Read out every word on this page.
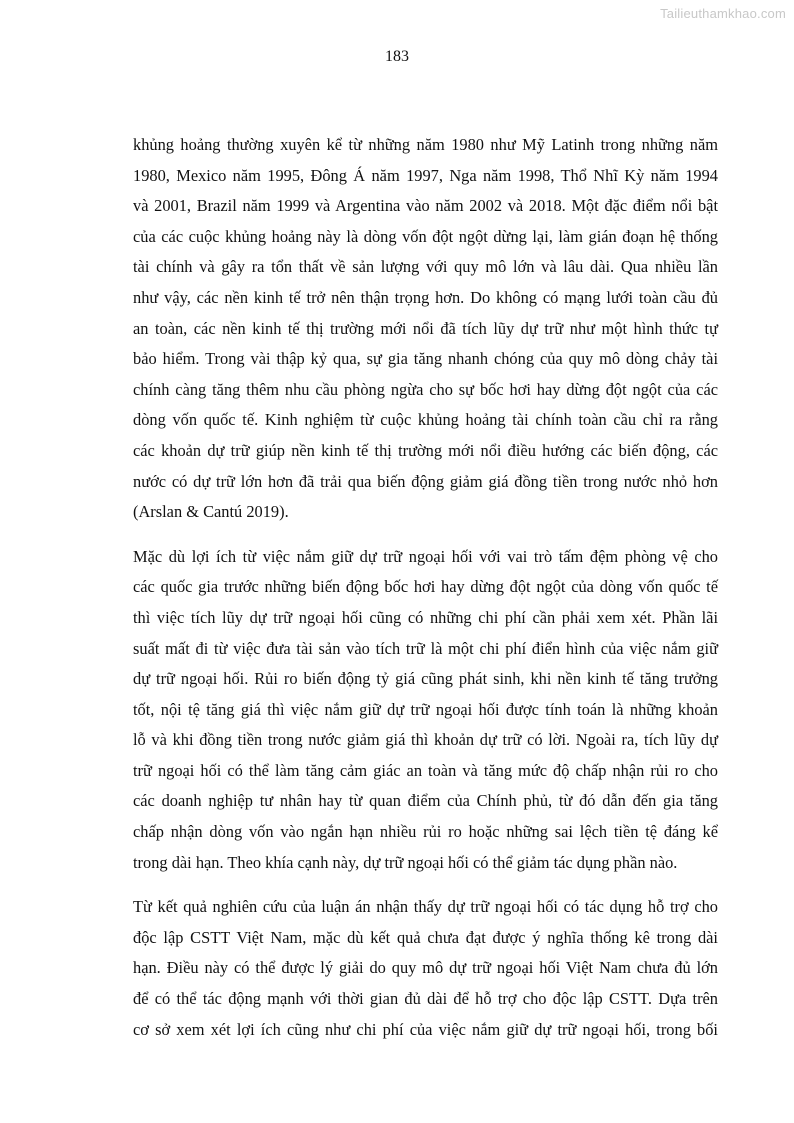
Tailieuthamkhao.com
183

khủng hoảng thường xuyên kể từ những năm 1980 như Mỹ Latinh trong những năm
1980, Mexico năm 1995, Đông Á năm 1997, Nga năm 1998, Thổ Nhĩ Kỳ năm 1994
và 2001, Brazil năm 1999 và Argentina vào năm 2002 và 2018. Một đặc điểm nổi bật
của các cuộc khủng hoảng này là dòng vốn đột ngột dừng lại, làm gián đoạn hệ thống
tài chính và gây ra tổn thất về sản lượng với quy mô lớn và lâu dài. Qua nhiều lần
như vậy, các nền kinh tế trở nên thận trọng hơn. Do không có mạng lưới toàn cầu đủ
an toàn, các nền kinh tế thị trường mới nổi đã tích lũy dự trữ như một hình thức tự
bảo hiểm. Trong vài thập kỷ qua, sự gia tăng nhanh chóng của quy mô dòng chảy tài
chính càng tăng thêm nhu cầu phòng ngừa cho sự bốc hơi hay dừng đột ngột của các
dòng vốn quốc tế. Kinh nghiệm từ cuộc khủng hoảng tài chính toàn cầu chỉ ra rằng
các khoản dự trữ giúp nền kinh tế thị trường mới nổi điều hướng các biến động, các
nước có dự trữ lớn hơn đã trải qua biến động giảm giá đồng tiền trong nước nhỏ hơn
(Arslan & Cantú 2019).

Mặc dù lợi ích từ việc nắm giữ dự trữ ngoại hối với vai trò tấm đệm phòng vệ cho
các quốc gia trước những biến động bốc hơi hay dừng đột ngột của dòng vốn quốc tế
thì việc tích lũy dự trữ ngoại hối cũng có những chi phí cần phải xem xét. Phần lãi
suất mất đi từ việc đưa tài sản vào tích trữ là một chi phí điển hình của việc nắm giữ
dự trữ ngoại hối. Rủi ro biến động tỷ giá cũng phát sinh, khi nền kinh tế tăng trưởng
tốt, nội tệ tăng giá thì việc nắm giữ dự trữ ngoại hối được tính toán là những khoản
lỗ và khi đồng tiền trong nước giảm giá thì khoản dự trữ có lời. Ngoài ra, tích lũy dự
trữ ngoại hối có thể làm tăng cảm giác an toàn và tăng mức độ chấp nhận rủi ro cho
các doanh nghiệp tư nhân hay từ quan điểm của Chính phủ, từ đó dẫn đến gia tăng
chấp nhận dòng vốn vào ngắn hạn nhiều rủi ro hoặc những sai lệch tiền tệ đáng kể
trong dài hạn. Theo khía cạnh này, dự trữ ngoại hối có thể giảm tác dụng phần nào.

Từ kết quả nghiên cứu của luận án nhận thấy dự trữ ngoại hối có tác dụng hỗ trợ cho
độc lập CSTT Việt Nam, mặc dù kết quả chưa đạt được ý nghĩa thống kê trong dài
hạn. Điều này có thể được lý giải do quy mô dự trữ ngoại hối Việt Nam chưa đủ lớn
để có thể tác động mạnh với thời gian đủ dài để hỗ trợ cho độc lập CSTT. Dựa trên
cơ sở xem xét lợi ích cũng như chi phí của việc nắm giữ dự trữ ngoại hối, trong bối
